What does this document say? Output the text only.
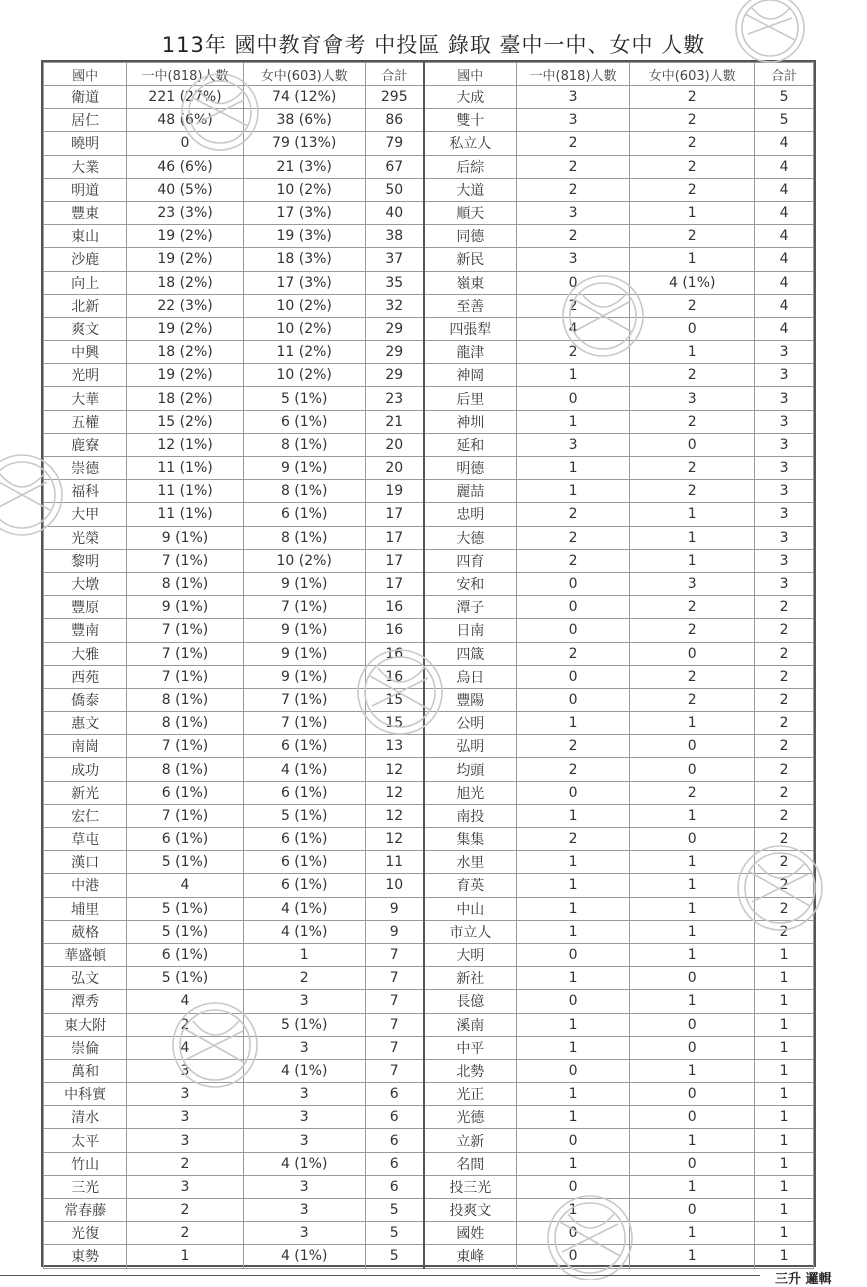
113年 國中教育會考 中投區 錄取 臺中一中、女中 人數
國中	一中(818)人數	女中(603)人數	合計	國中	一中(818)人數	女中(603)人數	合計
衛道	221 (27%)	74 (12%)	295	大成	3	2	5
居仁	48 (6%)	38 (6%)	86	雙十	3	2	5
曉明	0	79 (13%)	79	私立人	2	2	4
大業	46 (6%)	21 (3%)	67	后綜	2	2	4
明道	40 (5%)	10 (2%)	50	大道	2	2	4
豐東	23 (3%)	17 (3%)	40	順天	3	1	4
東山	19 (2%)	19 (3%)	38	同德	2	2	4
沙鹿	19 (2%)	18 (3%)	37	新民	3	1	4
向上	18 (2%)	17 (3%)	35	嶺東	0	4 (1%)	4
北新	22 (3%)	10 (2%)	32	至善	2	2	4
爽文	19 (2%)	10 (2%)	29	四張犁	4	0	4
中興	18 (2%)	11 (2%)	29	龍津	2	1	3
光明	19 (2%)	10 (2%)	29	神岡	1	2	3
大華	18 (2%)	5 (1%)	23	后里	0	3	3
五權	15 (2%)	6 (1%)	21	神圳	1	2	3
鹿寮	12 (1%)	8 (1%)	20	延和	3	0	3
崇德	11 (1%)	9 (1%)	20	明德	1	2	3
福科	11 (1%)	8 (1%)	19	麗喆	1	2	3
大甲	11 (1%)	6 (1%)	17	忠明	2	1	3
光榮	9 (1%)	8 (1%)	17	大德	2	1	3
黎明	7 (1%)	10 (2%)	17	四育	2	1	3
大墩	8 (1%)	9 (1%)	17	安和	0	3	3
豐原	9 (1%)	7 (1%)	16	潭子	0	2	2
豐南	7 (1%)	9 (1%)	16	日南	0	2	2
大雅	7 (1%)	9 (1%)	16	四箴	2	0	2
西苑	7 (1%)	9 (1%)	16	烏日	0	2	2
僑泰	8 (1%)	7 (1%)	15	豐陽	0	2	2
惠文	8 (1%)	7 (1%)	15	公明	1	1	2
南崗	7 (1%)	6 (1%)	13	弘明	2	0	2
成功	8 (1%)	4 (1%)	12	均頭	2	0	2
新光	6 (1%)	6 (1%)	12	旭光	0	2	2
宏仁	7 (1%)	5 (1%)	12	南投	1	1	2
草屯	6 (1%)	6 (1%)	12	集集	2	0	2
漢口	5 (1%)	6 (1%)	11	水里	1	1	2
中港	4	6 (1%)	10	育英	1	1	2
埔里	5 (1%)	4 (1%)	9	中山	1	1	2
葳格	5 (1%)	4 (1%)	9	市立人	1	1	2
華盛頓	6 (1%)	1	7	大明	0	1	1
弘文	5 (1%)	2	7	新社	1	0	1
潭秀	4	3	7	長億	0	1	1
東大附	2	5 (1%)	7	溪南	1	0	1
崇倫	4	3	7	中平	1	0	1
萬和	3	4 (1%)	7	北勢	0	1	1
中科實	3	3	6	光正	1	0	1
清水	3	3	6	光德	1	0	1
太平	3	3	6	立新	0	1	1
竹山	2	4 (1%)	6	名間	1	0	1
三光	3	3	6	投三光	0	1	1
常春藤	2	3	5	投爽文	1	0	1
光復	2	3	5	國姓	0	1	1
東勢	1	4 (1%)	5	東峰	0	1	1
三升 邏輯
